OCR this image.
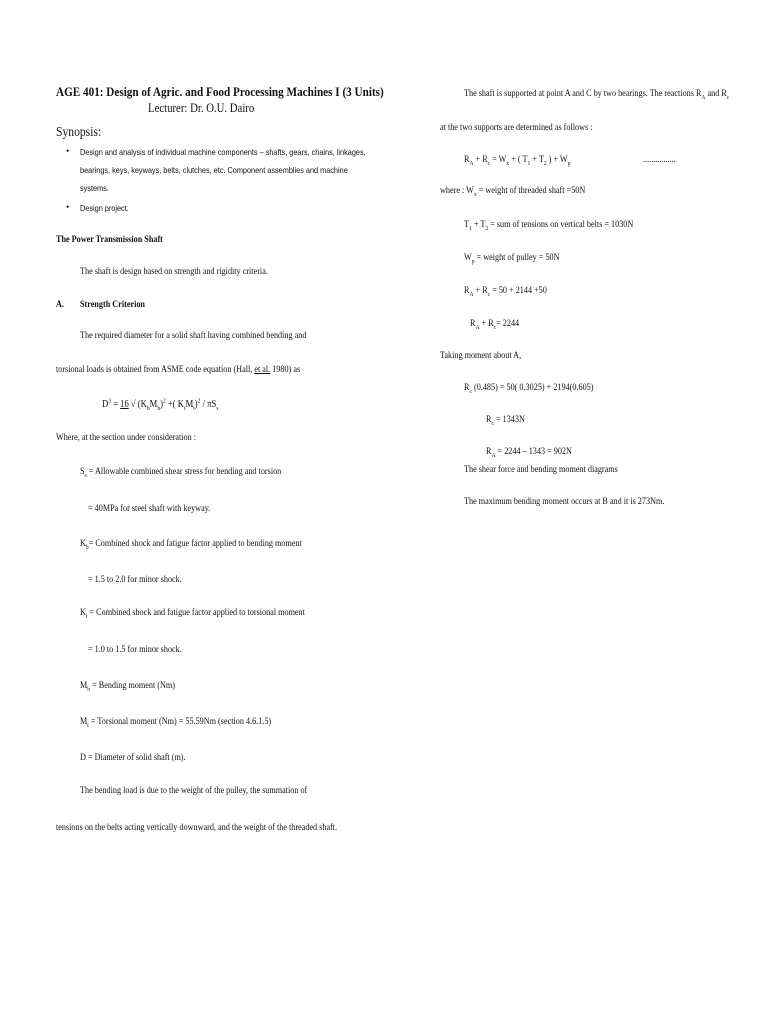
AGE 401: Design of Agric. and Food Processing Machines I (3 Units)
Lecturer: Dr. O.U. Dairo
Synopsis:
• Design and analysis of individual machine components – shafts, gears, chains, linkages,
bearings, keys, keyways, belts, clutches, etc. Component assemblies and machine
systems.
• Design project.
The Power Transmission Shaft
The shaft is design based on strength and rigidity criteria.
A. Strength Criterion
The required diameter for a solid shaft having combined bending and
torsional loads is obtained from ASME code equation (Hall, et al. 1980) as
$D^3 = 16$ √ $(K_bM_b)^2$ +( $K_tM_t)^2 / \pi S_s$
Where, at the section under consideration :
$S_s$ = Allowable combined shear stress for bending and torsion
= 40MPa for steel shaft with keyway.
$K_b=$ Combined shock and fatigue factor applied to bending moment
= 1.5 to 2.0 for minor shock.
$K_t$ = Combined shock and fatigue factor applied to torsional moment
= 1.0 to 1.5 for minor shock.
$M_b$ = Bending moment (Nm)
$M_t$ = Torsional moment (Nm) = 55.59Nm (section 4.6.1.5)
D = Diameter of solid shaft (m).
The bending load is due to the weight of the pulley, the summation of
tensions on the belts acting vertically downward, and the weight of the threaded shaft.
The shaft is supported at point A and C by two bearings. The reactions $R_A$ and $R_c$
at the two supports are determined as follows :
$R_A + R_c = W_x$ + ( $T_1 + T_2$ ) + $W_p$	................
where : $W_x$ = weight of threaded shaft =50N
$T_1 + T_2$ = sum of tensions on vertical belts = 1030N
$W_p$ = weight of pulley = 50N
$R_A + R_c = 50 + 2144 +50$
$R_A + R_c= 2244$
Taking moment about A,
$R_c$ (0.485) = 50( 0.3025) + 2194(0.605)
$R_c = 1343N$
$R_A = 2244 - 1343 = 902N$
The shear force and bending moment diagrams
The maximum bending moment occurs at B and it is 273Nm.
